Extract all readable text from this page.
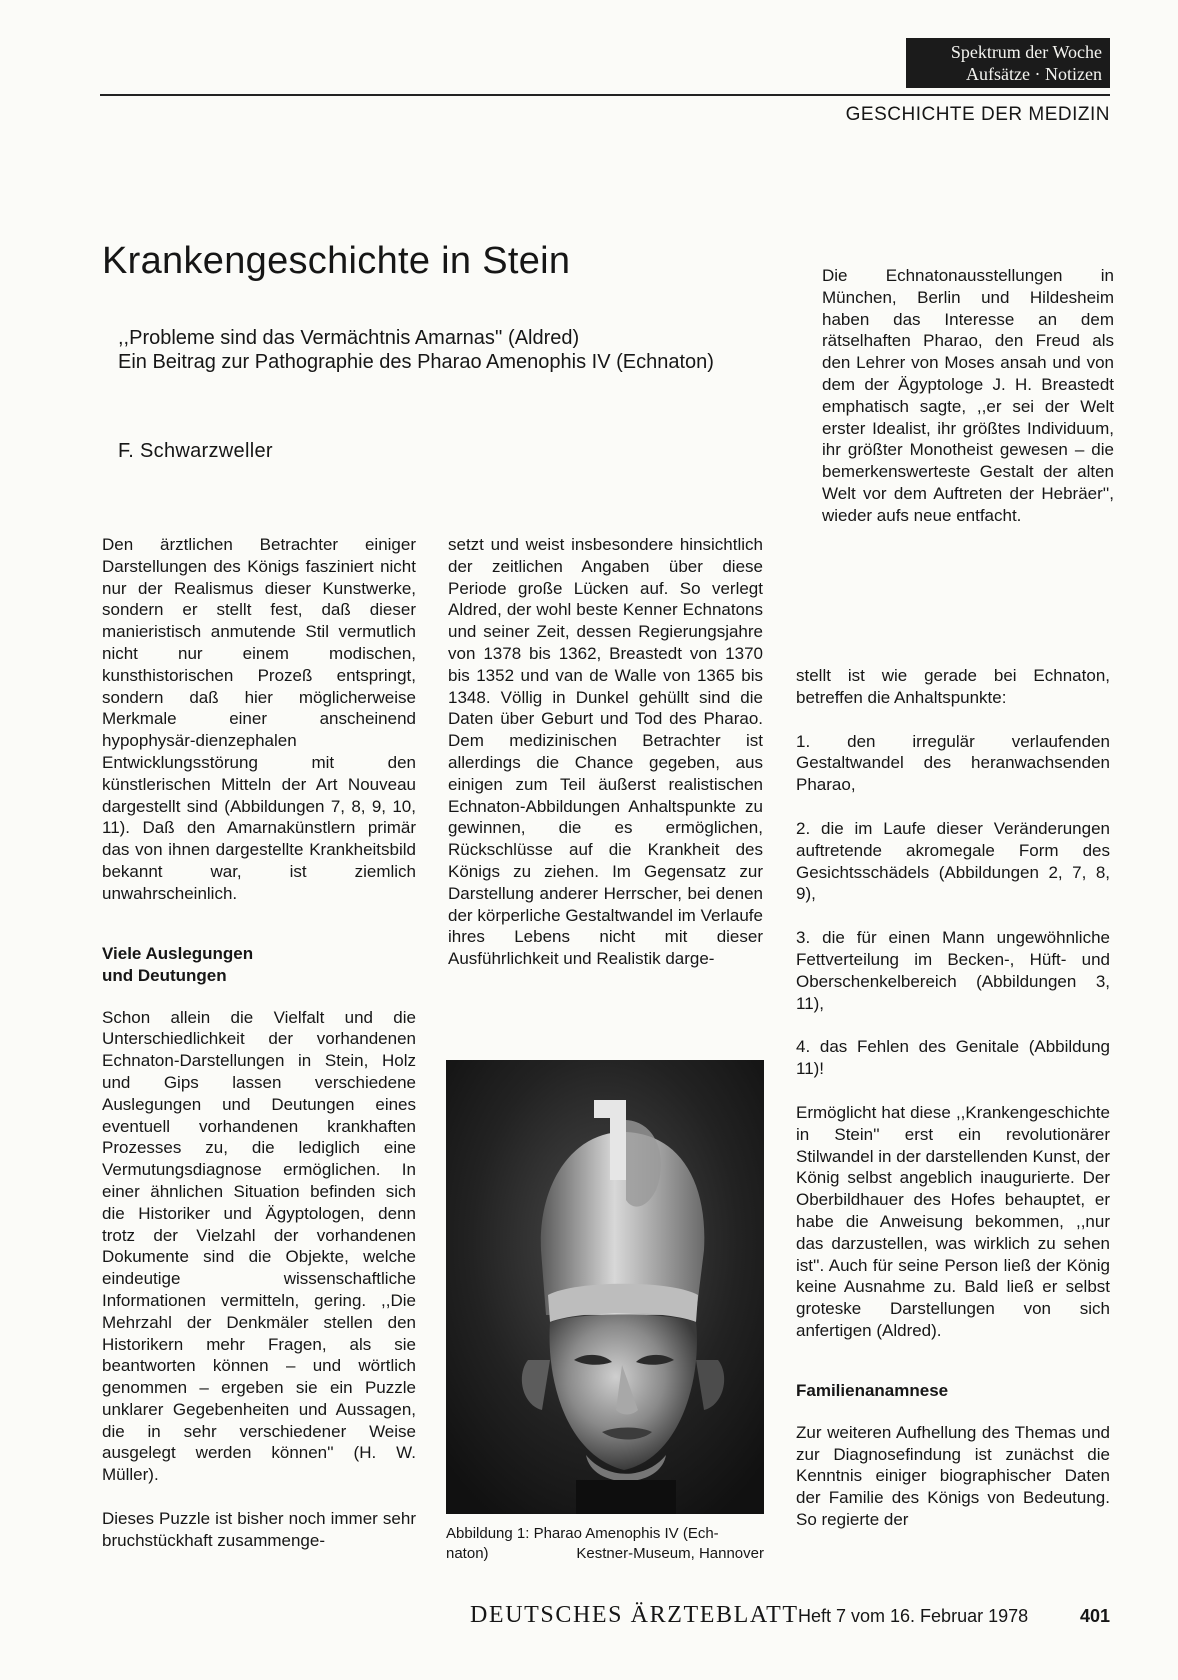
Spektrum der Woche
Aufsätze · Notizen
GESCHICHTE DER MEDIZIN
Krankengeschichte in Stein
,,Probleme sind das Vermächtnis Amarnas'' (Aldred)
Ein Beitrag zur Pathographie des Pharao Amenophis IV (Echnaton)
F. Schwarzweller

Den ärztlichen Betrachter einiger Darstellungen des Königs fasziniert nicht nur der Realismus dieser Kunstwerke, sondern er stellt fest, daß dieser manieristisch anmutende Stil vermutlich nicht nur einem modischen, kunsthistorischen Prozeß entspringt, sondern daß hier möglicherweise Merkmale einer anscheinend hypophysär-dienzephalen Entwicklungsstörung mit den künstlerischen Mitteln der Art Nouveau dargestellt sind (Abbildungen 7, 8, 9, 10, 11). Daß den Amarnakünstlern primär das von ihnen dargestellte Krankheitsbild bekannt war, ist ziemlich unwahrscheinlich.

Viele Auslegungen
und Deutungen

Schon allein die Vielfalt und die Unterschiedlichkeit der vorhandenen Echnaton-Darstellungen in Stein, Holz und Gips lassen verschiedene Auslegungen und Deutungen eines eventuell vorhandenen krankhaften Prozesses zu, die lediglich eine Vermutungsdiagnose ermöglichen. In einer ähnlichen Situation befinden sich die Historiker und Ägyptologen, denn trotz der Vielzahl der vorhandenen Dokumente sind die Objekte, welche eindeutige wissenschaftliche Informationen vermitteln, gering. ,,Die Mehrzahl der Denkmäler stellen den Historikern mehr Fragen, als sie beantworten können – und wörtlich genommen – ergeben sie ein Puzzle unklarer Gegebenheiten und Aussagen, die in sehr verschiedener Weise ausgelegt werden können'' (H. W. Müller).

Dieses Puzzle ist bisher noch immer sehr bruchstückhaft zusammenge-

setzt und weist insbesondere hinsichtlich der zeitlichen Angaben über diese Periode große Lücken auf. So verlegt Aldred, der wohl beste Kenner Echnatons und seiner Zeit, dessen Regierungsjahre von 1378 bis 1362, Breastedt von 1370 bis 1352 und van de Walle von 1365 bis 1348. Völlig in Dunkel gehüllt sind die Daten über Geburt und Tod des Pharao. Dem medizinischen Betrachter ist allerdings die Chance gegeben, aus einigen zum Teil äußerst realistischen Echnaton-Abbildungen Anhaltspunkte zu gewinnen, die es ermöglichen, Rückschlüsse auf die Krankheit des Königs zu ziehen. Im Gegensatz zur Darstellung anderer Herrscher, bei denen der körperliche Gestaltwandel im Verlaufe ihres Lebens nicht mit dieser Ausführlichkeit und Realistik darge-

Abbildung 1: Pharao Amenophis IV (Ech-
naton)	Kestner-Museum, Hannover

Die Echnatonausstellungen in München, Berlin und Hildesheim haben das Interesse an dem rätselhaften Pharao, den Freud als den Lehrer von Moses ansah und von dem der Ägyptologe J. H. Breastedt emphatisch sagte, ,,er sei der Welt erster Idealist, ihr größtes Individuum, ihr größter Monotheist gewesen – die bemerkenswerteste Gestalt der alten Welt vor dem Auftreten der Hebräer'', wieder aufs neue entfacht.

stellt ist wie gerade bei Echnaton, betreffen die Anhaltspunkte:

1. den irregulär verlaufenden Gestaltwandel des heranwachsenden Pharao,

2. die im Laufe dieser Veränderungen auftretende akromegale Form des Gesichtsschädels (Abbildungen 2, 7, 8, 9),

3. die für einen Mann ungewöhnliche Fettverteilung im Becken-, Hüft- und Oberschenkelbereich (Abbildungen 3, 11),

4. das Fehlen des Genitale (Abbildung 11)!

Ermöglicht hat diese ,,Krankengeschichte in Stein'' erst ein revolutionärer Stilwandel in der darstellenden Kunst, der König selbst angeblich inaugurierte. Der Oberbildhauer des Hofes behauptet, er habe die Anweisung bekommen, ,,nur das darzustellen, was wirklich zu sehen ist''. Auch für seine Person ließ der König keine Ausnahme zu. Bald ließ er selbst groteske Darstellungen von sich anfertigen (Aldred).

Familienanamnese

Zur weiteren Aufhellung des Themas und zur Diagnosefindung ist zunächst die Kenntnis einiger biographischer Daten der Familie des Königs von Bedeutung. So regierte der

DEUTSCHES ÄRZTEBLATT Heft 7 vom 16. Februar 1978	401
